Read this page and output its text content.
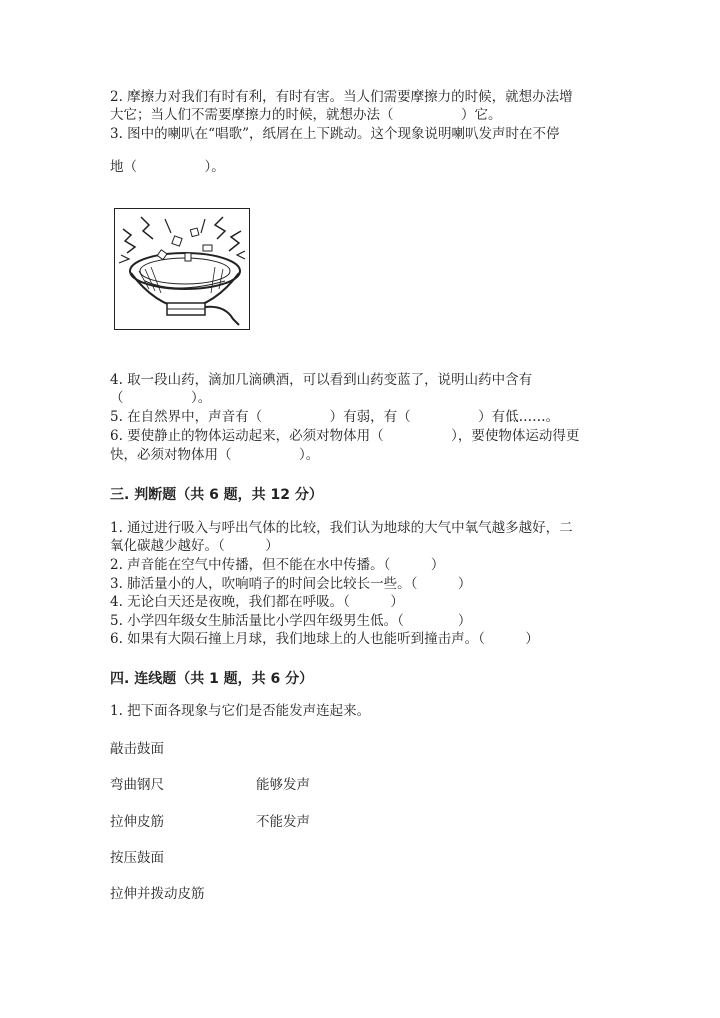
2. 摩擦力对我们有时有利，有时有害。当人们需要摩擦力的时候，就想办法增
大它；当人们不需要摩擦力的时候，就想办法（　　　　　）它。
3. 图中的喇叭在“唱歌”，纸屑在上下跳动。这个现象说明喇叭发声时在不停
地（　　　　　）。
4. 取一段山药，滴加几滴碘酒，可以看到山药变蓝了，说明山药中含有
（　　　　　）。
5. 在自然界中，声音有（　　　　　）有弱，有（　　　　　）有低……。
6. 要使静止的物体运动起来，必须对物体用（　　　　　），要使物体运动得更
快，必须对物体用（　　　　　）。
三. 判断题（共 6 题，共 12 分）
1. 通过进行吸入与呼出气体的比较，我们认为地球的大气中氧气越多越好，二
氧化碳越少越好。（　　　）
2. 声音能在空气中传播，但不能在水中传播。（　　　）
3. 肺活量小的人，吹响哨子的时间会比较长一些。（　　　）
4. 无论白天还是夜晚，我们都在呼吸。（　　　）
5. 小学四年级女生肺活量比小学四年级男生低。（　　　　）
6. 如果有大陨石撞上月球，我们地球上的人也能听到撞击声。（　　　）
四. 连线题（共 1 题，共 6 分）
1. 把下面各现象与它们是否能发声连起来。
敲击鼓面
弯曲钢尺
拉伸皮筋
按压鼓面
拉伸并拨动皮筋
能够发声
不能发声
